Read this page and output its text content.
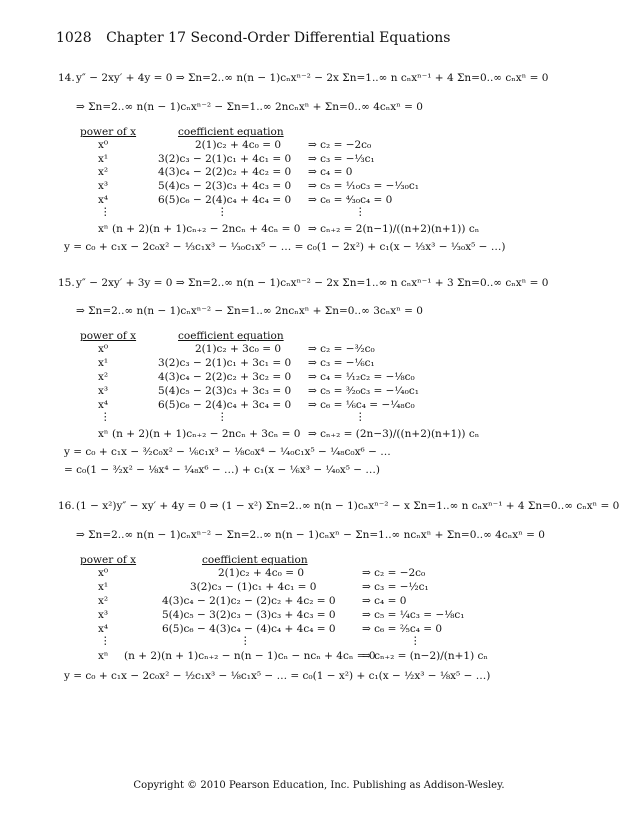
1028 Chapter 17 Second-Order Differential Equations
14.y″ − 2xy′ + 4y = 0 ⇒ Σn=2..∞ n(n − 1)cₙxⁿ⁻² − 2x Σn=1..∞ n cₙxⁿ⁻¹ + 4 Σn=0..∞ cₙxⁿ = 0
⇒ Σn=2..∞ n(n − 1)cₙxⁿ⁻² − Σn=1..∞ 2ncₙxⁿ + Σn=0..∞ 4cₙxⁿ = 0
power of x	coefficient equation
x⁰	2(1)c₂ + 4c₀ = 0	⇒ c₂ = −2c₀
x¹	3(2)c₃ − 2(1)c₁ + 4c₁ = 0 ⇒ c₃ = −⅓c₁
x²	4(3)c₄ − 2(2)c₂ + 4c₂ = 0 ⇒ c₄ = 0
x³	5(4)c₅ − 2(3)c₃ + 4c₃ = 0 ⇒ c₅ = ¹⁄₁₀c₃ = −¹⁄₃₀c₁
x⁴	6(5)c₆ − 2(4)c₄ + 4c₄ = 0 ⇒ c₆ = ⁴⁄₃₀c₄ = 0
⋮	⋮	⋮
xⁿ (n + 2)(n + 1)cₙ₊₂ − 2ncₙ + 4cₙ = 0 ⇒ cₙ₊₂ = 2(n−1)/((n+2)(n+1)) cₙ
y = c₀ + c₁x − 2c₀x² − ⅓c₁x³ − ¹⁄₃₀c₁x⁵ − … = c₀(1 − 2x²) + c₁(x − ⅓x³ − ¹⁄₃₀x⁵ − …)
15.y″ − 2xy′ + 3y = 0 ⇒ Σn=2..∞ n(n − 1)cₙxⁿ⁻² − 2x Σn=1..∞ n cₙxⁿ⁻¹ + 3 Σn=0..∞ cₙxⁿ = 0
⇒ Σn=2..∞ n(n − 1)cₙxⁿ⁻² − Σn=1..∞ 2ncₙxⁿ + Σn=0..∞ 3cₙxⁿ = 0
power of x	coefficient equation
x⁰	2(1)c₂ + 3c₀ = 0	⇒ c₂ = −³⁄₂c₀
x¹	3(2)c₃ − 2(1)c₁ + 3c₁ = 0 ⇒ c₃ = −⅙c₁
x²	4(3)c₄ − 2(2)c₂ + 3c₂ = 0 ⇒ c₄ = ¹⁄₁₂c₂ = −⅛c₀
x³	5(4)c₅ − 2(3)c₃ + 3c₃ = 0 ⇒ c₅ = ³⁄₂₀c₃ = −¹⁄₄₀c₁
x⁴	6(5)c₆ − 2(4)c₄ + 3c₄ = 0 ⇒ c₆ = ⅙c₄ = −¹⁄₄₈c₀
⋮	⋮	⋮
xⁿ (n + 2)(n + 1)cₙ₊₂ − 2ncₙ + 3cₙ = 0 ⇒ cₙ₊₂ = (2n−3)/((n+2)(n+1)) cₙ
y = c₀ + c₁x − ³⁄₂c₀x² − ⅙c₁x³ − ⅛c₀x⁴ − ¹⁄₄₀c₁x⁵ − ¹⁄₄₈c₀x⁶ − …
= c₀(1 − ³⁄₂x² − ⅛x⁴ − ¹⁄₄₈x⁶ − …) + c₁(x − ⅙x³ − ¹⁄₄₀x⁵ − …)
16.(1 − x²)y″ − xy′ + 4y = 0 ⇒ (1 − x²) Σn=2..∞ n(n − 1)cₙxⁿ⁻² − x Σn=1..∞ n cₙxⁿ⁻¹ + 4 Σn=0..∞ cₙxⁿ = 0
⇒ Σn=2..∞ n(n − 1)cₙxⁿ⁻² − Σn=2..∞ n(n − 1)cₙxⁿ − Σn=1..∞ ncₙxⁿ + Σn=0..∞ 4cₙxⁿ = 0
power of x	coefficient equation
x⁰	2(1)c₂ + 4c₀ = 0	⇒ c₂ = −2c₀
x¹	3(2)c₃ − (1)c₁ + 4c₁ = 0	⇒ c₃ = −½c₁
x²	4(3)c₄ − 2(1)c₂ − (2)c₂ + 4c₂ = 0	⇒ c₄ = 0
x³	5(4)c₅ − 3(2)c₃ − (3)c₃ + 4c₃ = 0	⇒ c₅ = ¼c₃ = −⅛c₁
x⁴	6(5)c₆ − 4(3)c₄ − (4)c₄ + 4c₄ = 0	⇒ c₆ = ²⁄₅c₄ = 0
⋮	⋮	⋮
xⁿ (n + 2)(n + 1)cₙ₊₂ − n(n − 1)cₙ − ncₙ + 4cₙ = 0
⇒ cₙ₊₂ = (n−2)/(n+1) cₙ
y = c₀ + c₁x − 2c₀x² − ½c₁x³ − ⅛c₁x⁵ − … = c₀(1 − x²) + c₁(x − ½x³ − ⅛x⁵ − …)
Copyright © 2010 Pearson Education, Inc. Publishing as Addison-Wesley.
